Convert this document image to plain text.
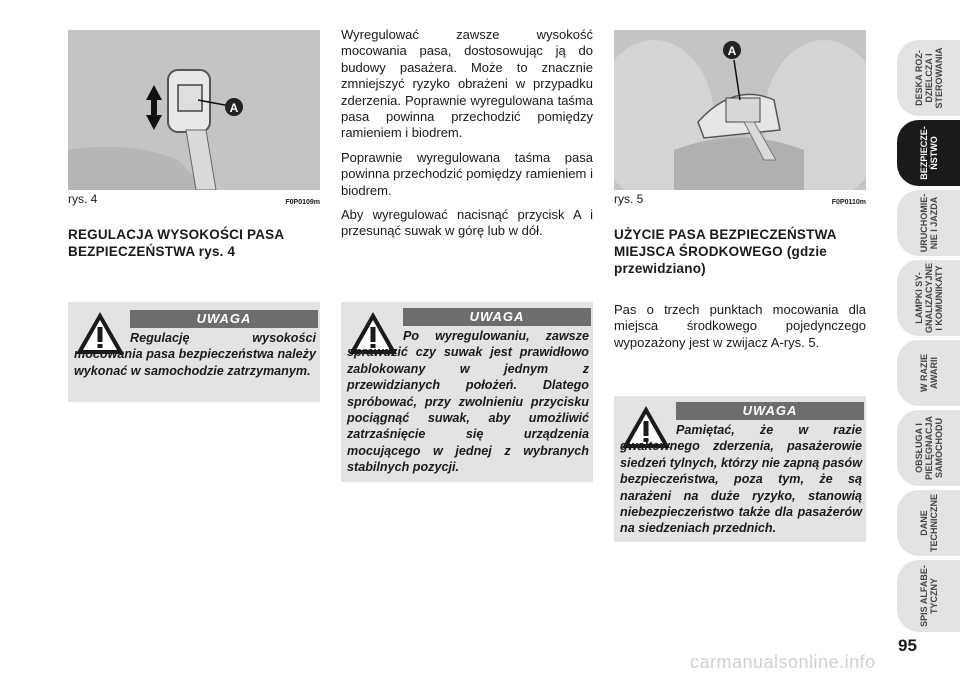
A
rys. 4	F0P0109m
REGULACJA WYSOKOŚCI PASA BEZPIECZEŃSTWA rys. 4
UWAGA
Regulację wysokości mocowania pasa bezpieczeństwa należy wykonać w samochodzie zatrzymanym.

Wyregulować zawsze wysokość mocowania pasa, dostosowując ją do budowy pasażera. Może to znacznie zmniejszyć ryzyko obrażeni w przypadku zderzenia. Poprawnie wyregulowana taśma pasa powinna przechodzić pomiędzy ramieniem i biodrem.

Poprawnie wyregulowana taśma pasa powinna przechodzić pomiędzy ramieniem i biodrem.

Aby wyregulować nacisnąć przycisk A i przesunąć suwak w górę lub w dół.

UWAGA
Po wyregulowaniu, zawsze sprawdzić czy suwak jest prawidłowo zablokowany w jednym z przewidzianych położeń. Dlatego spróbować, przy zwolnieniu przycisku pociągnąć suwak, aby umożliwić zatrzaśnięcie się urządzenia mocującego w jednej z wybranych stabilnych pozycji.
A
rys. 5	F0P0110m
UŻYCIE PASA BEZPIECZEŃSTWA MIEJSCA ŚRODKOWEGO (gdzie przewidziano)
Pas o trzech punktach mocowania dla miejsca środkowego pojedynczego wypozażony jest w zwijacz A-rys. 5.
UWAGA
Pamiętać, że w razie gwałtownego zderzenia, pasażerowie siedzeń tylnych, którzy nie zapną pasów bezpieczeństwa, poza tym, że są narażeni na duże ryzyko, stanowią niebezpieczeństwo także dla pasażerów na siedzeniach przednich.
DESKA ROZ-DZIELCZA I STEROWANIA
BEZPIECZE-ŃSTWO
URUCHOMIE-NIE I JAZDA
LAMPKI SY-GNALIZACYJNE I KOMUNIKATY
W RAZIE AWARII
OBSŁUGA I PIELĘGNACJA SAMOCHODU
DANE TECHNICZNE
SPIS ALFABE-TYCZNY
95
carmanualsonline.info
